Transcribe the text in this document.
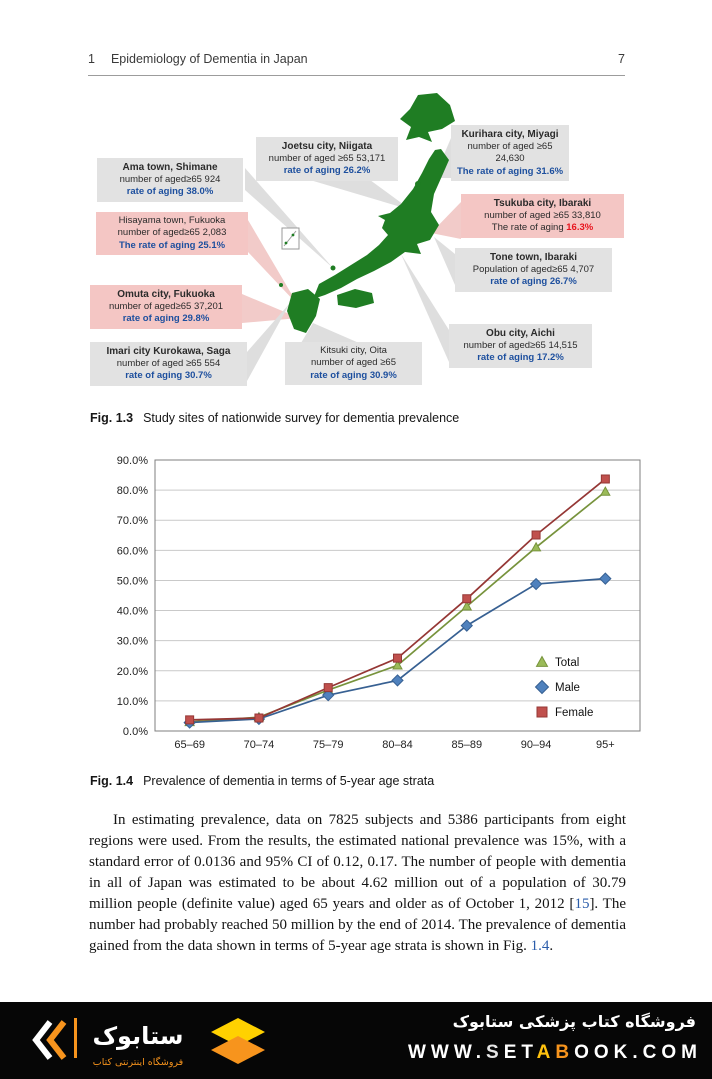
1 Epidemiology of Dementia in Japan	7
Ama town, Shimane
number of aged≥65 924
rate of aging 38.0%
Joetsu city, Niigata
number of aged ≥65 53,171
rate of aging 26.2%
Kurihara city, Miyagi
number of aged ≥65
24,630
The rate of aging 31.6%
Hisayama town, Fukuoka
number of aged≥65 2,083
The rate of aging 25.1%
Tsukuba city, Ibaraki
number of aged ≥65 33,810
The rate of aging 16.3%
Tone town, Ibaraki
Population of aged≥65 4,707
rate of aging 26.7%
Omuta city, Fukuoka
number of aged≥65 37,201
rate of aging 29.8%
Obu city, Aichi
number of aged≥65 14,515
rate of aging 17.2%
Imari city Kurokawa, Saga
number of aged ≥65 554
rate of aging 30.7%
Kitsuki city, Oita
number of aged ≥65
rate of aging 30.9%
Fig. 1.3 Study sites of nationwide survey for dementia prevalence
0.0%
10.0%
20.0%
30.0%
40.0%
50.0%
60.0%
70.0%
80.0%
90.0%
65–69	70–74	75–79	80–84	85–89	90–94	95+
Total
Male
Female
Fig. 1.4 Prevalence of dementia in terms of 5-year age strata

In estimating prevalence, data on 7825 subjects and 5386 participants from eight regions were used. From the results, the estimated national prevalence was 15%, with a standard error of 0.0136 and 95% CI of 0.12, 0.17. The number of people with dementia in all of Japan was estimated to be about 4.62 million out of a population of 30.79 million people (definite value) aged 65 years and older as of October 1, 2012 [15]. The number had probably reached 50 million by the end of 2014. The prevalence of dementia gained from the data shown in terms of 5-year age strata is shown in Fig. 1.4.

ستابوک
فروشگاه اینترنتی کتاب
فروشگاه کتاب پزشکی ستابوک
WWW.SETABOOK.COM
